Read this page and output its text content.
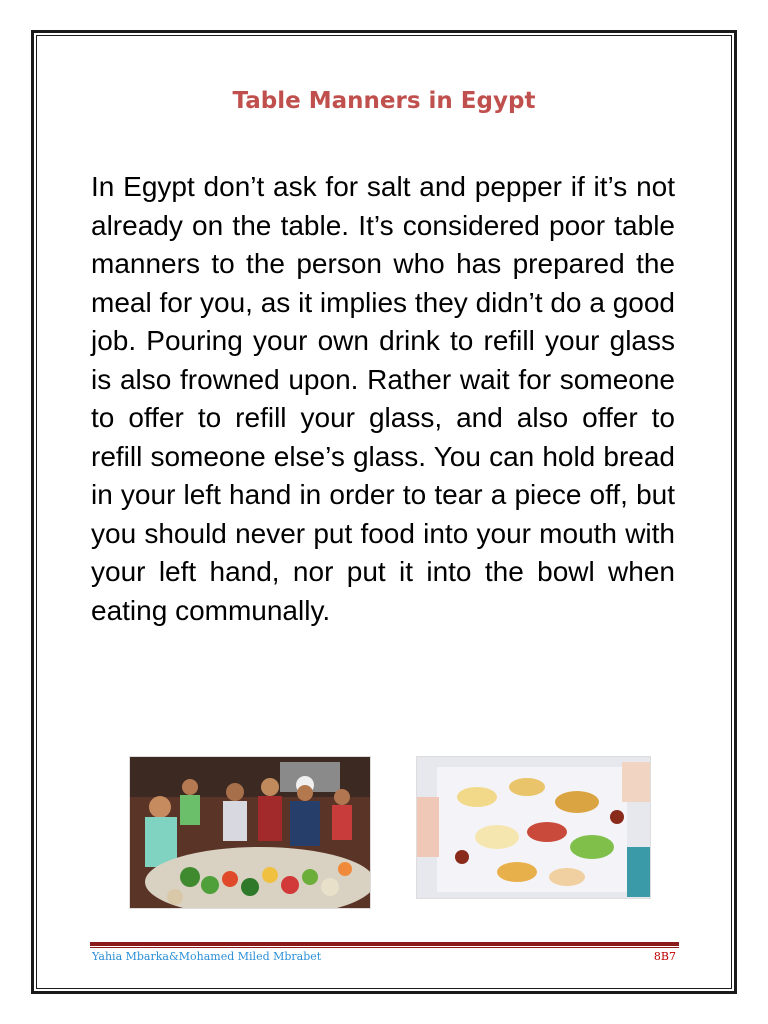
Table Manners in Egypt

In Egypt don’t ask for salt and pepper if it’s not already on the table. It’s considered poor table manners to the person who has prepared the meal for you, as it implies they didn’t do a good job. Pouring your own drink to refill your glass is also frowned upon. Rather wait for someone to offer to refill your glass, and also offer to refill someone else’s glass. You can hold bread in your left hand in order to tear a piece off, but you should never put food into your mouth with your left hand, nor put it into the bowl when eating communally.

Yahia Mbarka&Mohamed Miled Mbrabet	8B7
